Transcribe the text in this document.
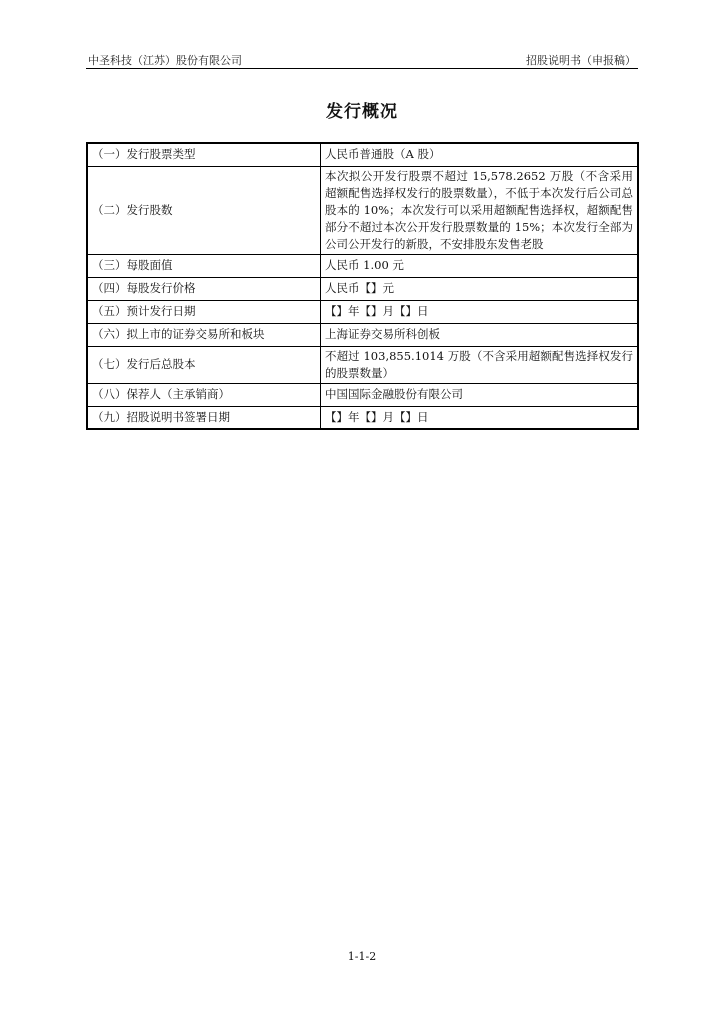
中圣科技（江苏）股份有限公司	招股说明书（申报稿）
发行概况
（一）发行股票类型	人民币普通股（A 股）
（二）发行股数	本次拟公开发行股票不超过 15,578.2652 万股（不含采用超额配售选择权发行的股票数量），不低于本次发行后公司总股本的 10%；本次发行可以采用超额配售选择权，超额配售部分不超过本次公开发行股票数量的 15%；本次发行全部为公司公开发行的新股，不安排股东发售老股
（三）每股面值	人民币 1.00 元
（四）每股发行价格	人民币【】元
（五）预计发行日期	【】年【】月【】日
（六）拟上市的证券交易所和板块	上海证券交易所科创板
（七）发行后总股本	不超过 103,855.1014 万股（不含采用超额配售选择权发行的股票数量）
（八）保荐人（主承销商）	中国国际金融股份有限公司
（九）招股说明书签署日期	【】年【】月【】日
1-1-2
